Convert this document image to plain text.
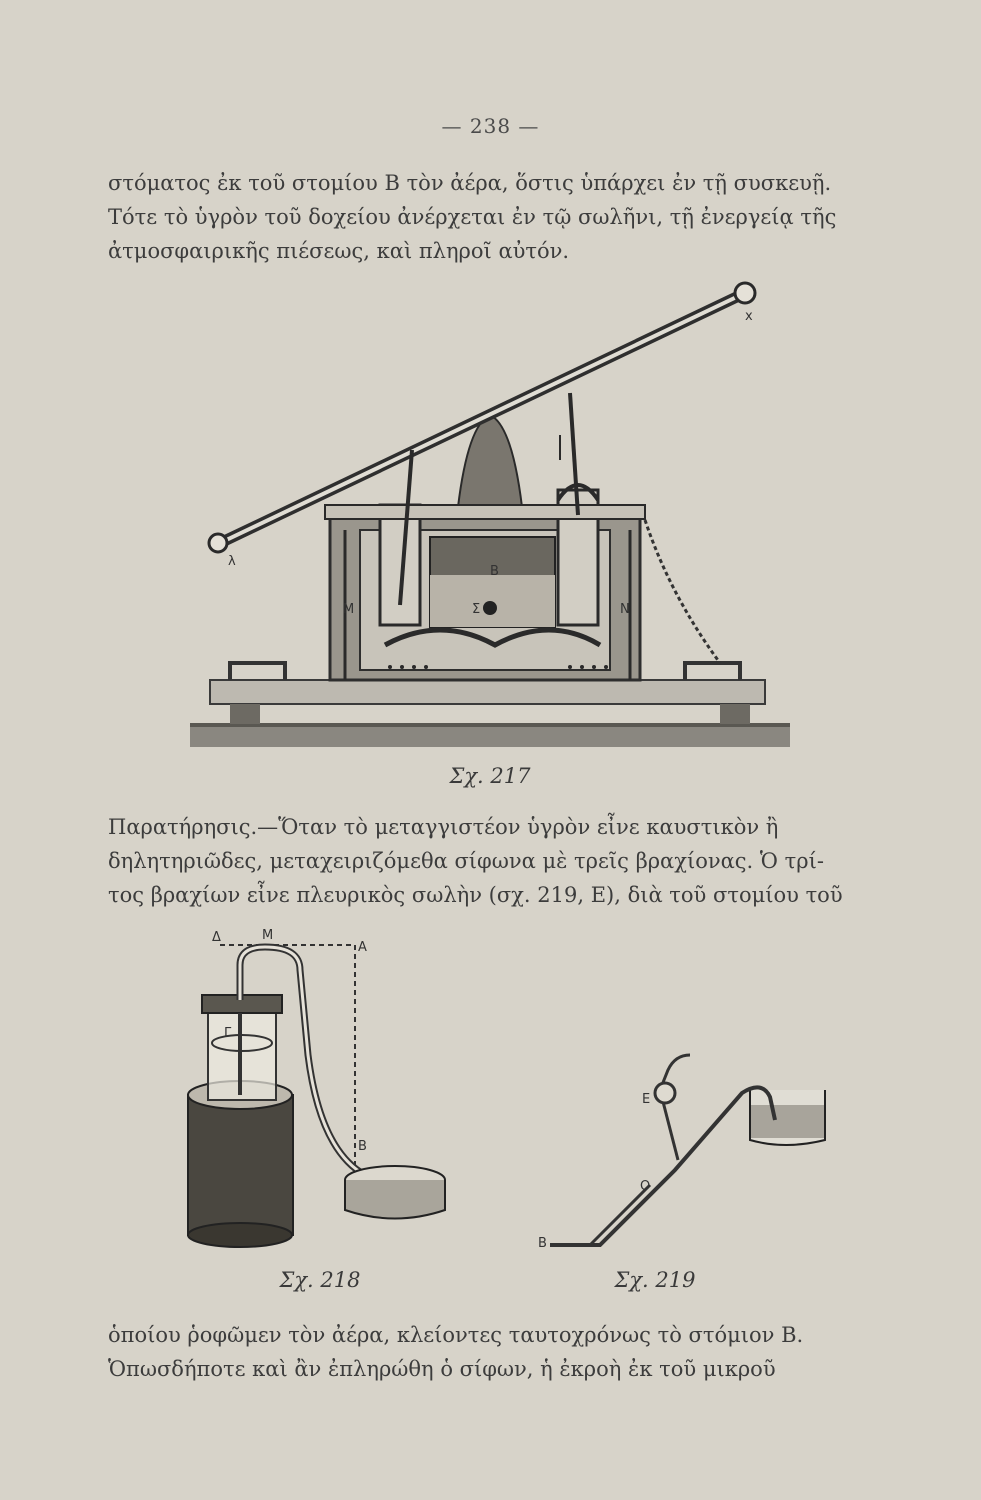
— 238 —
στόματος ἐκ τοῦ στομίου Β τὸν ἀέρα, ὅστις ὑπάρχει ἐν τῇ συσκευῇ.
Τότε τὸ ὑγρὸν τοῦ δοχείου ἀνέρχεται ἐν τῷ σωλῆνι, τῇ ἐνεργείᾳ τῆς
ἀτμοσφαιρικῆς πιέσεως, καὶ πληροῖ αὐτόν.
x
λ
M	N
Σ
B
Σχ. 217
Παρατήρησις.—Ὅταν τὸ μεταγγιστέον ὑγρὸν εἶνε καυστικὸν ἢ
δηλητηριῶδες, μεταχειριζόμεθα σίφωνα μὲ τρεῖς βραχίονας. Ὁ τρί-
τος βραχίων εἶνε πλευρικὸς σωλὴν (σχ. 219, Ε), διὰ τοῦ στομίου τοῦ
Δ	M
A
Γ
B
Σχ. 218
E
O
B
Σχ. 219
ὁποίου ῥοφῶμεν τὸν ἀέρα, κλείοντες ταυτοχρόνως τὸ στόμιον Β.
Ὁπωσδήποτε καὶ ἂν ἐπληρώθη ὁ σίφων, ἡ ἐκροὴ ἐκ τοῦ μικροῦ
